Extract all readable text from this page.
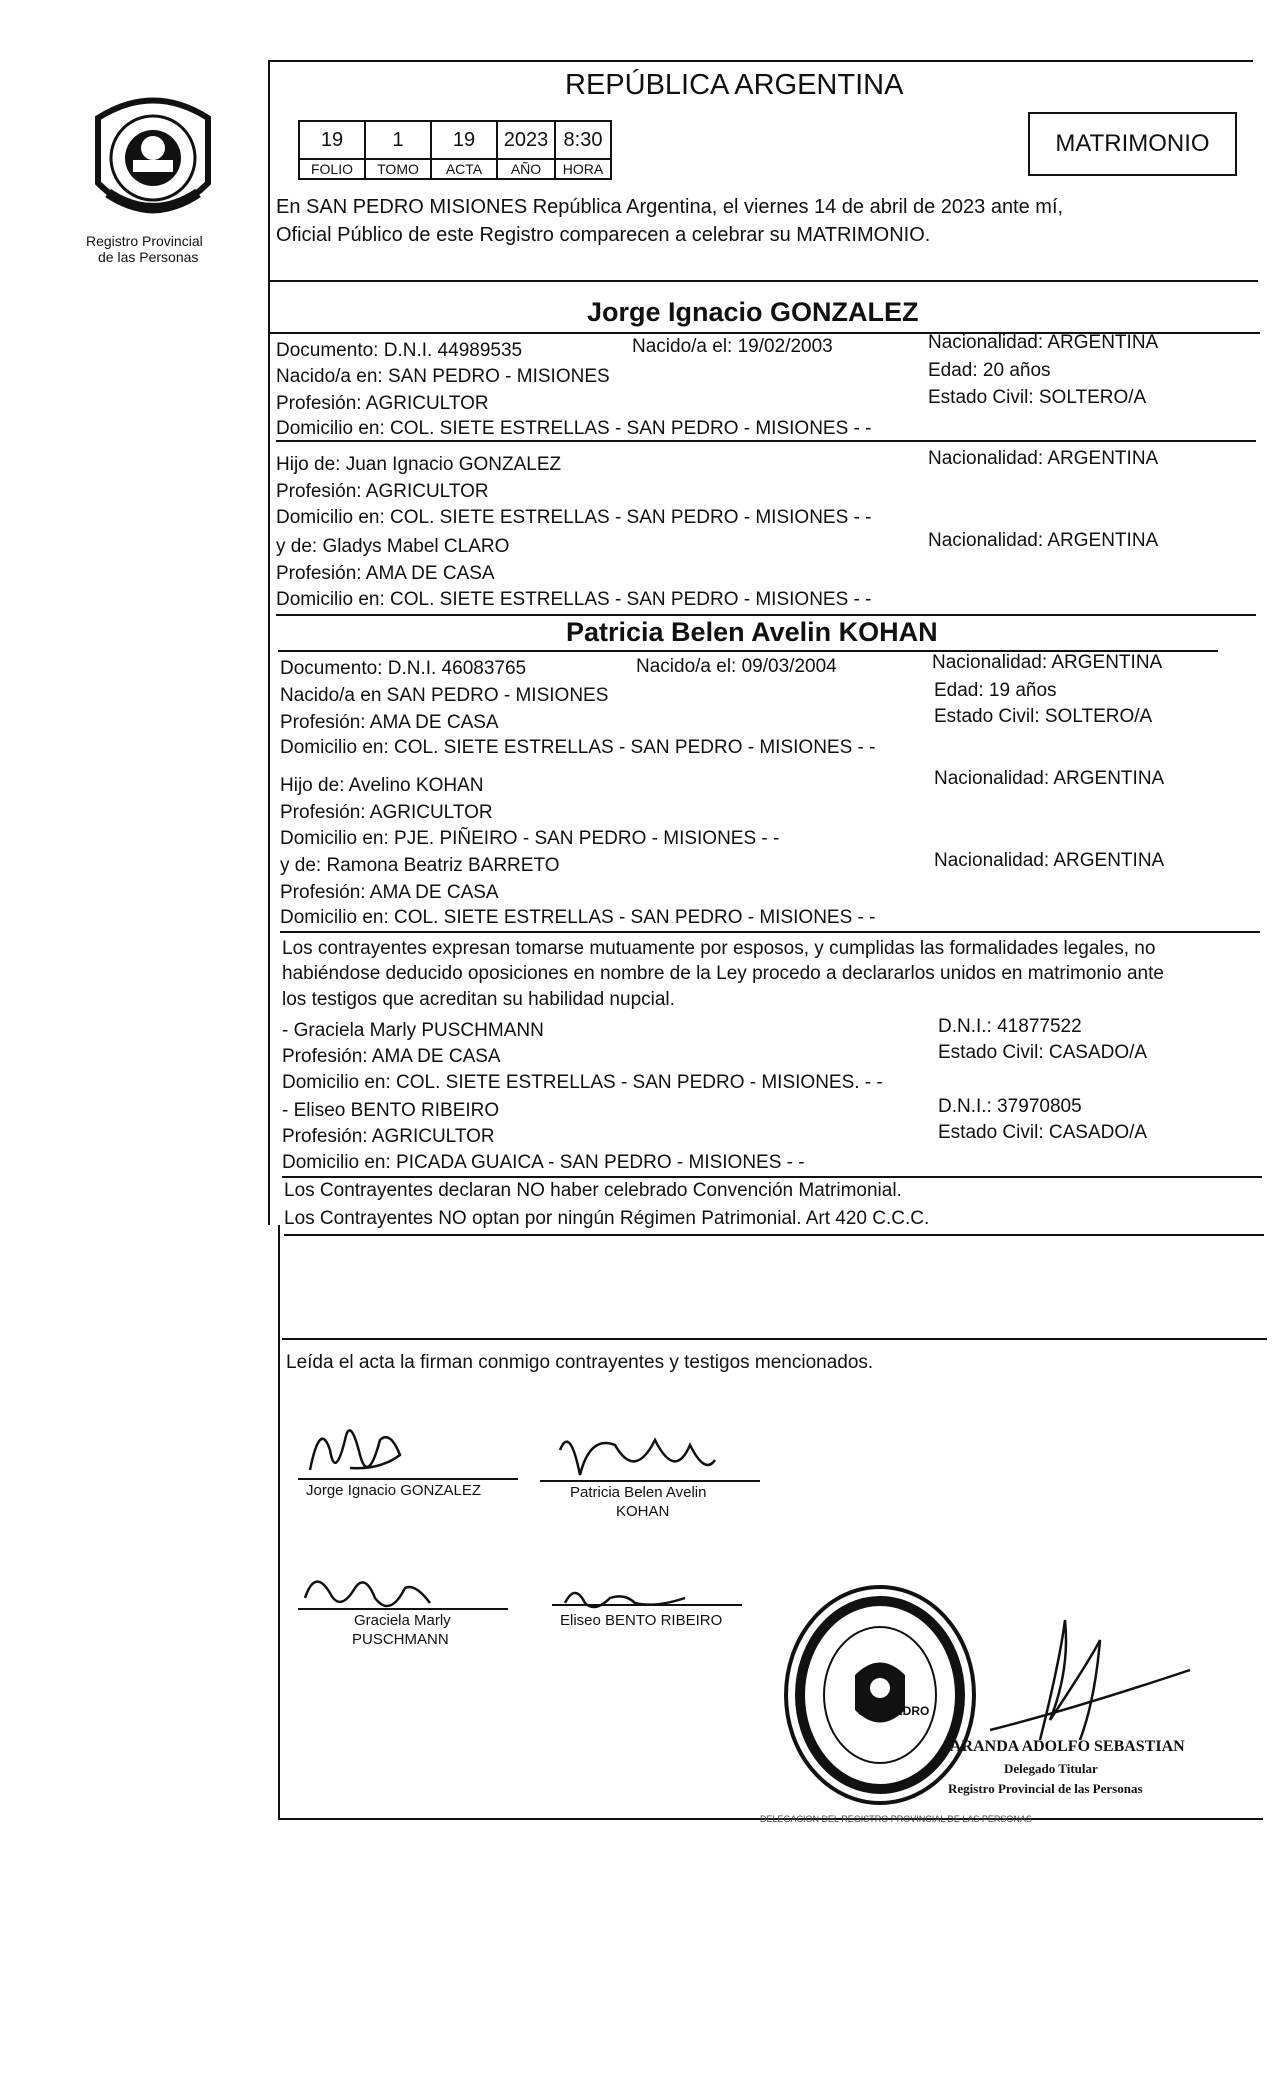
Registro Provincial
de las Personas
REPÚBLICA ARGENTINA
19	1	19	2023 8:30
FOLIO	TOMO	ACTA	AÑO	HORA
MATRIMONIO
En SAN PEDRO MISIONES República Argentina, el viernes 14 de abril de 2023 ante mí,
Oficial Público de este Registro comparecen a celebrar su MATRIMONIO.
Jorge Ignacio GONZALEZ
Documento: D.N.I. 44989535	Nacido/a el: 19/02/2003	Nacionalidad: ARGENTINA
Nacido/a en: SAN PEDRO - MISIONES	Edad: 20 años
Profesión: AGRICULTOR	Estado Civil: SOLTERO/A
Domicilio en: COL. SIETE ESTRELLAS - SAN PEDRO - MISIONES - -
Hijo de: Juan Ignacio GONZALEZ	Nacionalidad: ARGENTINA
Profesión: AGRICULTOR
Domicilio en: COL. SIETE ESTRELLAS - SAN PEDRO - MISIONES - -
y de: Gladys Mabel CLARO	Nacionalidad: ARGENTINA
Profesión: AMA DE CASA
Domicilio en: COL. SIETE ESTRELLAS - SAN PEDRO - MISIONES - -
Patricia Belen Avelin KOHAN
Documento: D.N.I. 46083765	Nacido/a el: 09/03/2004	Nacionalidad: ARGENTINA
Nacido/a en SAN PEDRO - MISIONES	Edad: 19 años
Profesión: AMA DE CASA	Estado Civil: SOLTERO/A
Domicilio en: COL. SIETE ESTRELLAS - SAN PEDRO - MISIONES - -
Hijo de: Avelino KOHAN	Nacionalidad: ARGENTINA
Profesión: AGRICULTOR
Domicilio en: PJE. PIÑEIRO - SAN PEDRO - MISIONES - -
y de: Ramona Beatriz BARRETO	Nacionalidad: ARGENTINA
Profesión: AMA DE CASA
Domicilio en: COL. SIETE ESTRELLAS - SAN PEDRO - MISIONES - -
Los contrayentes expresan tomarse mutuamente por esposos, y cumplidas las formalidades legales, no
habiéndose deducido oposiciones en nombre de la Ley procedo a declararlos unidos en matrimonio ante
los testigos que acreditan su habilidad nupcial.
- Graciela Marly PUSCHMANN	D.N.I.: 41877522
Profesión: AMA DE CASA	Estado Civil: CASADO/A
Domicilio en: COL. SIETE ESTRELLAS - SAN PEDRO - MISIONES. - -
- Eliseo BENTO RIBEIRO	D.N.I.: 37970805
Profesión: AGRICULTOR	Estado Civil: CASADO/A
Domicilio en: PICADA GUAICA - SAN PEDRO - MISIONES - -
Los Contrayentes declaran NO haber celebrado Convención Matrimonial.
Los Contrayentes NO optan por ningún Régimen Patrimonial. Art 420 C.C.C.
Leída el acta la firman conmigo contrayentes y testigos mencionados.
Jorge Ignacio GONZALEZ	Patricia Belen Avelin
KOHAN
Graciela Marly
PUSCHMANN
Eliseo BENTO RIBEIRO
DELEGACION DEL REGISTRO PROVINCIAL DE LAS PERSONAS
SAN PEDRO
ARANDA ADOLFO SEBASTIAN
Delegado Titular
Registro Provincial de las Personas
